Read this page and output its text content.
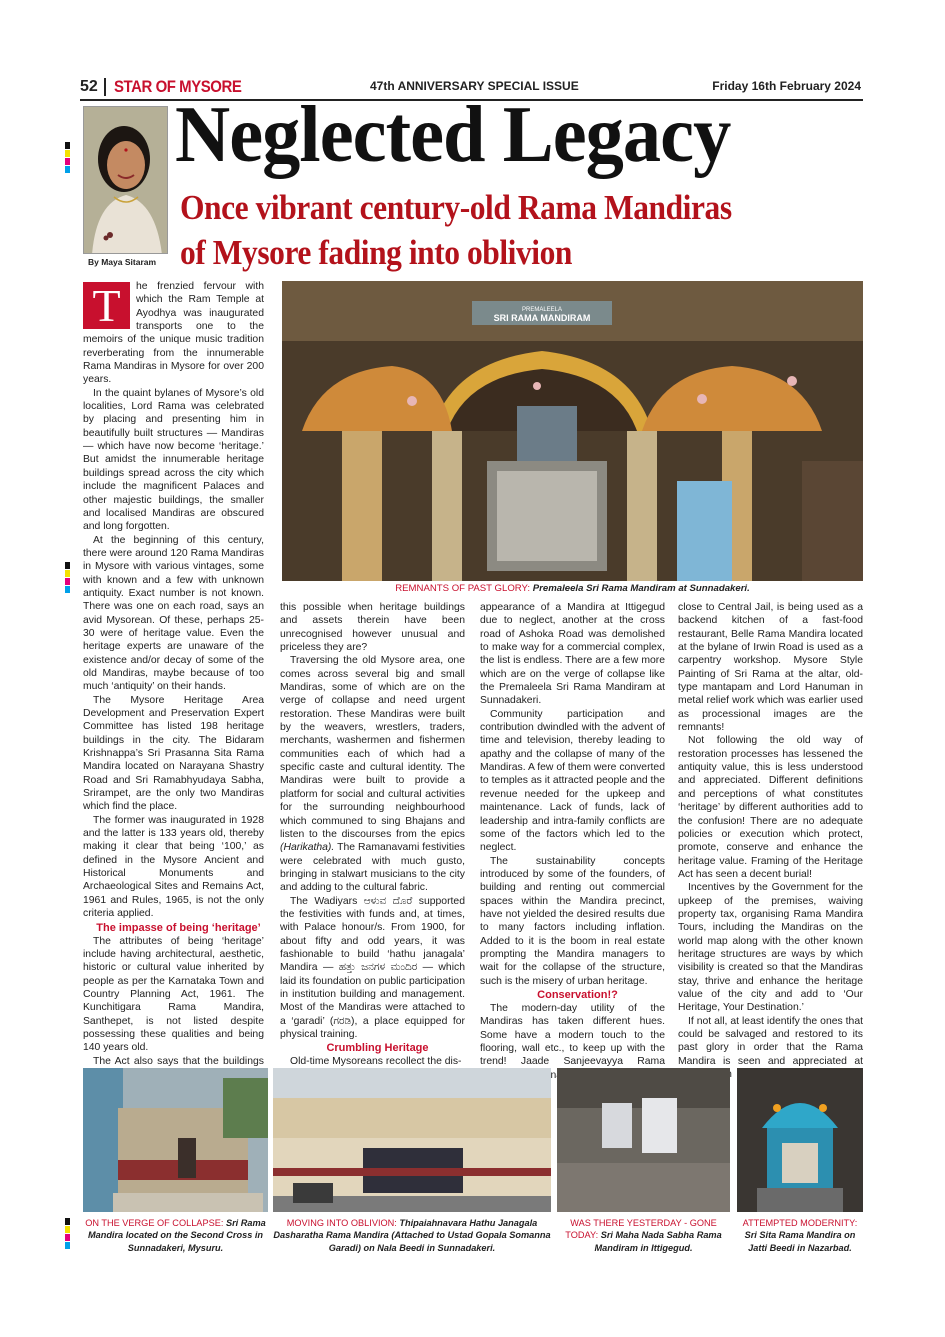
52 STAR OF MYSORE	47th ANNIVERSARY SPECIAL ISSUE	Friday 16th February 2024
By Maya Sitaram
Neglected Legacy
Once vibrant century-old Rama Mandiras
of Mysore fading into oblivion
T	he frenzied fervour with which the Ram Temple at Ayodhya was inaugurated transports one to the memoirs of the unique music tradition reverberating from the innumerable Rama Mandiras in Mysore for over 200 years.

In the quaint bylanes of Mysore’s old localities, Lord Rama was celebrated by placing and presenting him in beautifully built structures — Mandiras — which have now become ‘heritage.’ But amidst the innumerable heritage buildings spread across the city which include the magnificent Palaces and other majestic buildings, the smaller and localised Mandiras are obscured and long forgotten.

At the beginning of this century, there were around 120 Rama Mandiras in Mysore with various vintages, some with known and a few with unknown antiquity. Exact number is not known. There was one on each road, says an avid Mysorean. Of these, perhaps 25-30 were of heritage value. Even the heritage experts are unaware of the existence and/or decay of some of the old Mandiras, maybe because of too much ‘antiquity’ on their hands.

The Mysore Heritage Area Development and Preservation Expert Committee has listed 198 heritage buildings in the city. The Bidaram Krishnappa’s Sri Prasanna Sita Rama Mandira located on Narayana Shastry Road and Sri Ramabhyudaya Sabha, Srirampet, are the only two Mandiras which find the place.

The former was inaugurated in 1928 and the latter is 133 years old, thereby making it clear that being ‘100,’ as defined in the Mysore Ancient and Historical Monuments and Archaeological Sites and Remains Act, 1961 and Rules, 1965, is not the only criteria applied.

The impasse of being ‘heritage’

The attributes of being ‘heritage’ include having architectural, aesthetic, historic or cultural value inherited by people as per the Karnataka Town and Country Planning Act, 1961. The Kunchitigara Rama Mandira, Santhepet, is not listed despite possessing these qualities and being 140 years old.

The Act also says that the buildings

PREMALEELA
SRI RAMA MANDIRAM
REMNANTS OF PAST GLORY: Premaleela Sri Rama Mandiram at Sunnadakeri.

this possible when heritage buildings and assets therein have been unrecognised however unusual and priceless they are?

Traversing the old Mysore area, one comes across several big and small Mandiras, some of which are on the verge of collapse and need urgent restoration. These Mandiras were built by the weavers, wrestlers, traders, merchants, washermen and fishermen communities each of which had a specific caste and cultural identity. The Mandiras were built to provide a platform for social and cultural activities for the surrounding neighbourhood which communed to sing Bhajans and listen to the discourses from the epics (Harikatha). The Ramanavami festivities were celebrated with much gusto, bringing in stalwart musicians to the city and adding to the cultural fabric.

The Wadiyars ಆಳುವ ದೊರೆ supported the festivities with funds and, at times, with Palace honour/s. From 1900, for about fifty and odd years, it was fashionable to build ‘hathu janagala’ Mandira — ಹತ್ತು ಜನಗಳ ಮಂದಿರ — which laid its foundation on public participation in institution building and management. Most of the Mandiras were attached to a ‘garadi’ (ಗರಡಿ), a place equipped for physical training.

Crumbling Heritage

Old-time Mysoreans recollect the dis-

appearance of a Mandira at Ittigegud due to neglect, another at the cross road of Ashoka Road was demolished to make way for a commercial complex, the list is endless. There are a few more which are on the verge of collapse like the Premaleela Sri Rama Mandiram at Sunnadakeri.

Community participation and contribution dwindled with the advent of time and television, thereby leading to apathy and the collapse of many of the Mandiras. A few of them were converted to temples as it attracted people and the revenue needed for the upkeep and maintenance. Lack of funds, lack of leadership and intra-family conflicts are some of the factors which led to the neglect.

The sustainability concepts introduced by some of the founders, of building and renting out commercial spaces within the Mandira precinct, have not yielded the desired results due to many factors including inflation. Added to it is the boom in real estate prompting the Mandira managers to wait for the collapse of the structure, such is the misery of urban heritage.

Conservation!?

The modern-day utility of the Mandiras has taken different hues. Some have a modern touch to the flooring, wall etc., to keep up with the trend! Jaade Sanjeevayya Rama Veeranagere,

close to Central Jail, is being used as a backend kitchen of a fast-food restaurant, Belle Rama Mandira located at the bylane of Irwin Road is used as a carpentry workshop. Mysore Style Painting of Sri Rama at the altar, old-type mantapam and Lord Hanuman in metal relief work which was earlier used as processional images are the remnants!

Not following the old way of restoration processes has lessened the antiquity value, this is less understood and appreciated. Different definitions and perceptions of what constitutes ‘heritage’ by different authorities add to the confusion! There are no adequate policies or execution which protect, promote, conserve and enhance the heritage value. Framing of the Heritage Act has seen a decent burial!

Incentives by the Government for the upkeep of the premises, waiving property tax, organising Rama Mandira Tours, including the Mandiras on the world map along with the other known heritage structures are ways by which visibility is created so that the Mandiras stay, thrive and enhance the heritage value of the city and add to ‘Our Heritage, Your Destination.’

If not all, at least identify the ones that could be salvaged and restored to its past glory in order that the Rama Mandira is seen and appreciated at

ON THE VERGE OF COLLAPSE: Sri Rama Mandira located on the Second Cross in Sunnadakeri, Mysuru.
MOVING INTO OBLIVION: Thipaiahnavara Hathu Janagala Dasharatha Rama Mandira (Attached to Ustad Gopala Somanna Garadi) on Nala Beedi in Sunnadakeri.
WAS THERE YESTERDAY - GONE TODAY: Sri Maha Nada Sabha Rama Mandiram in Ittigegud.
ATTEMPTED MODERNITY: Sri Sita Rama Mandira on Jatti Beedi in Nazarbad.
